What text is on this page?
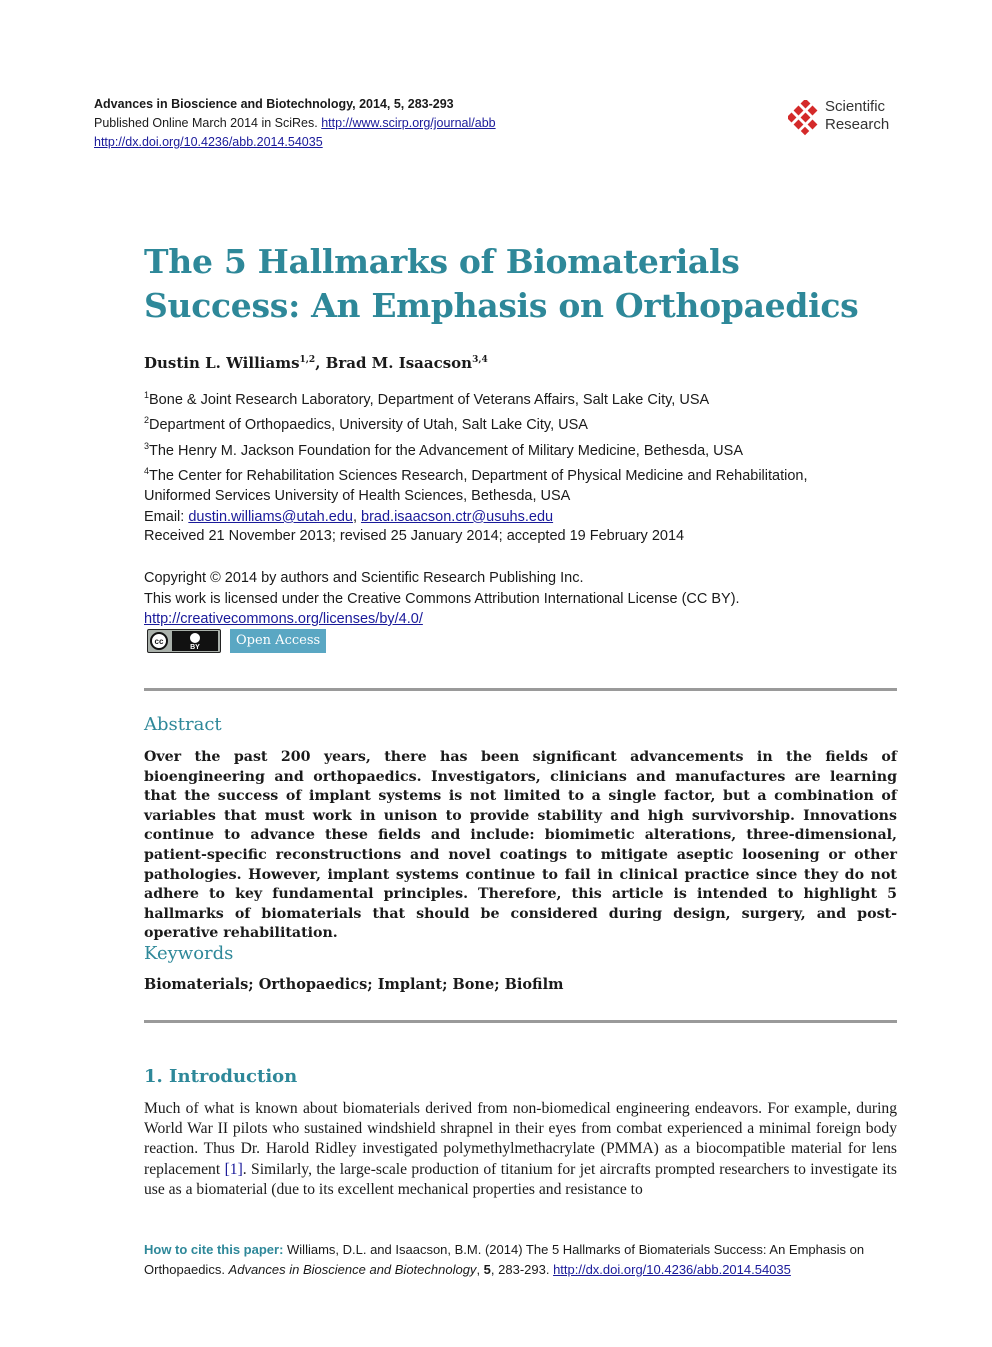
Advances in Bioscience and Biotechnology, 2014, 5, 283-293
Published Online March 2014 in SciRes. http://www.scirp.org/journal/abb
http://dx.doi.org/10.4236/abb.2014.54035
Scientific
Research
The 5 Hallmarks of Biomaterials Success: An Emphasis on Orthopaedics
Dustin L. Williams$^{1,2}$, Brad M. Isaacson$^{3,4}$
$^1$Bone & Joint Research Laboratory, Department of Veterans Affairs, Salt Lake City, USA
$^2$Department of Orthopaedics, University of Utah, Salt Lake City, USA
$^3$The Henry M. Jackson Foundation for the Advancement of Military Medicine, Bethesda, USA
$^4$The Center for Rehabilitation Sciences Research, Department of Physical Medicine and Rehabilitation,
Uniformed Services University of Health Sciences, Bethesda, USA
Email: dustin.williams@utah.edu, brad.isaacson.ctr@usuhs.edu
Received 21 November 2013; revised 25 January 2014; accepted 19 February 2014
Copyright © 2014 by authors and Scientific Research Publishing Inc.
This work is licensed under the Creative Commons Attribution International License (CC BY).
http://creativecommons.org/licenses/by/4.0/
cc
BY	Open Access
Abstract
Over the past 200 years, there has been significant advancements in the fields of bioengineering and orthopaedics. Investigators, clinicians and manufactures are learning that the success of implant systems is not limited to a single factor, but a combination of variables that must work in unison to provide stability and high survivorship. Innovations continue to advance these fields and include: biomimetic alterations, three-dimensional, patient-specific reconstructions and novel coatings to mitigate aseptic loosening or other pathologies. However, implant systems continue to fail in clinical practice since they do not adhere to key fundamental principles. Therefore, this article is intended to highlight 5 hallmarks of biomaterials that should be considered during design, surgery, and post-operative rehabilitation.
Keywords
Biomaterials; Orthopaedics; Implant; Bone; Biofilm
1. Introduction
Much of what is known about biomaterials derived from non-biomedical engineering endeavors. For example, during World War II pilots who sustained windshield shrapnel in their eyes from combat experienced a minimal foreign body reaction. Thus Dr. Harold Ridley investigated polymethylmethacrylate (PMMA) as a biocompatible material for lens replacement [1]. Similarly, the large-scale production of titanium for jet aircrafts prompted researchers to investigate its use as a biomaterial (due to its excellent mechanical properties and resistance to
How to cite this paper: Williams, D.L. and Isaacson, B.M. (2014) The 5 Hallmarks of Biomaterials Success: An Emphasis on Orthopaedics. Advances in Bioscience and Biotechnology, 5, 283-293. http://dx.doi.org/10.4236/abb.2014.54035
